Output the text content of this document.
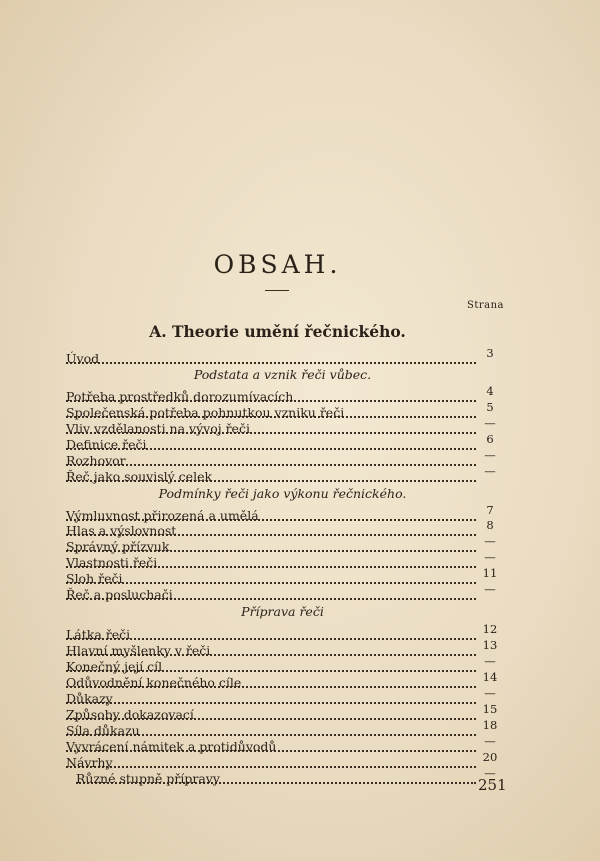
OBSAH.
Strana
A. Theorie umění řečnického.
Úvod	3
Podstata a vznik řeči vůbec.
Potřeba prostředků dorozumívacích	4
Společenská potřeba pohnutkou vzniku řeči	5
Vliv vzdělanosti na vývoj řeči	—
Definice řeči	6
Rozhovor	—
Řeč jako souvislý celek	—
Podmínky řeči jako výkonu řečnického.
Výmluvnost přirozená a umělá	7
Hlas a výslovnost	8
Správný přízvuk	—
Vlastnosti řeči	—
Sloh řeči	11
Řeč a posluchači	—
Příprava řeči
Látka řeči	12
Hlavní myšlenky v řeči	13
Konečný její cíl	—
Odůvodnění konečného cíle	14
Důkazy	—
Způsoby dokazovací	15
Síla důkazu	18
Vyvrácení námitek a protidůvodů	—
Návrhy	20
Různé stupně přípravy	—
251
